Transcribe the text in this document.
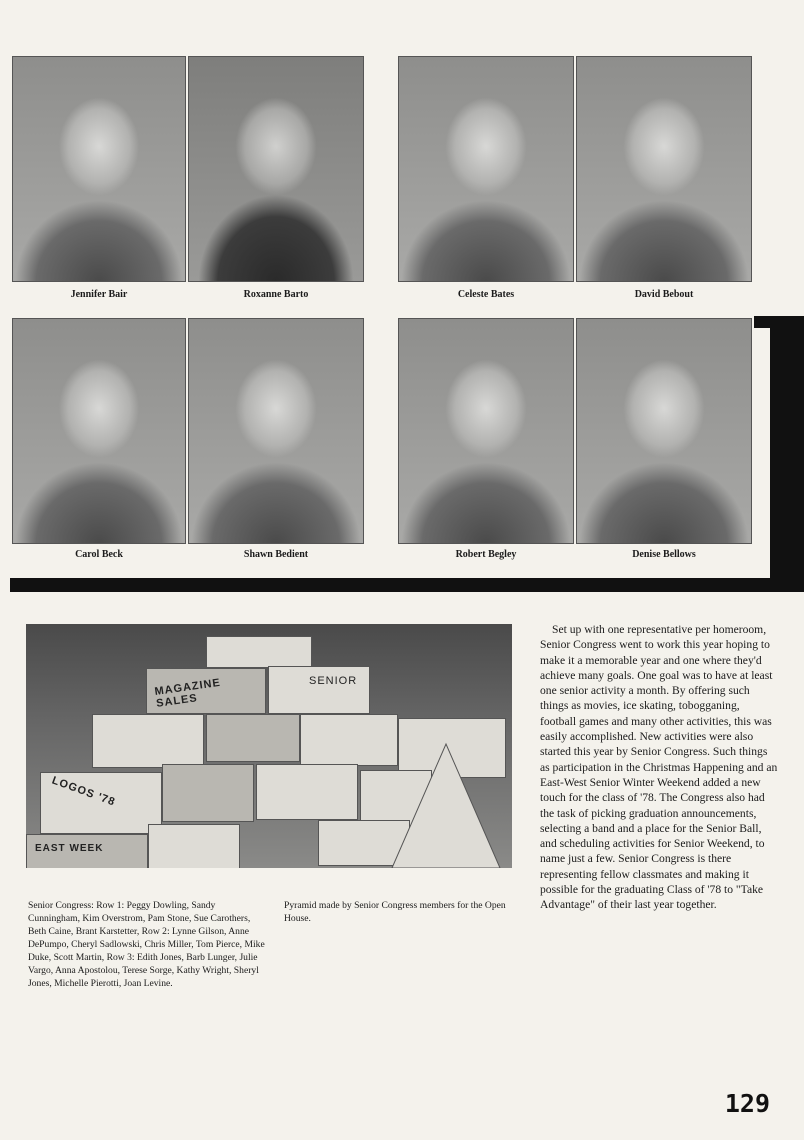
Jennifer Bair	Roxanne Barto	Celeste Bates	David Bebout
Carol Beck	Shawn Bedient	Robert Begley	Denise Bellows
MAGAZINE SALES
SENIOR
LOGOS '78
EAST WEEK
Senior Congress: Row 1: Peggy Dowling, Sandy Cunningham, Kim Overstrom, Pam Stone, Sue Carothers, Beth Caine, Brant Karstetter, Row 2: Lynne Gilson, Anne DePumpo, Cheryl Sadlowski, Chris Miller, Tom Pierce, Mike Duke, Scott Martin, Row 3: Edith Jones, Barb Lunger, Julie Vargo, Anna Apostolou, Terese Sorge, Kathy Wright, Sheryl Jones, Michelle Pierotti, Joan Levine.
Pyramid made by Senior Congress members for the Open House.
Set up with one representative per homeroom, Senior Congress went to work this year hoping to make it a memorable year and one where they'd achieve many goals. One goal was to have at least one senior activity a month. By offering such things as movies, ice skating, tobogganing, football games and many other activities, this was easily accomplished. New activities were also started this year by Senior Congress. Such things as participation in the Christmas Happening and an East-West Senior Winter Weekend added a new touch for the class of '78. The Congress also had the task of picking graduation announcements, selecting a band and a place for the Senior Ball, and scheduling activities for Senior Weekend, to name just a few. Senior Congress is there representing fellow classmates and making it possible for the graduating Class of '78 to "Take Advantage" of their last year together.
129
